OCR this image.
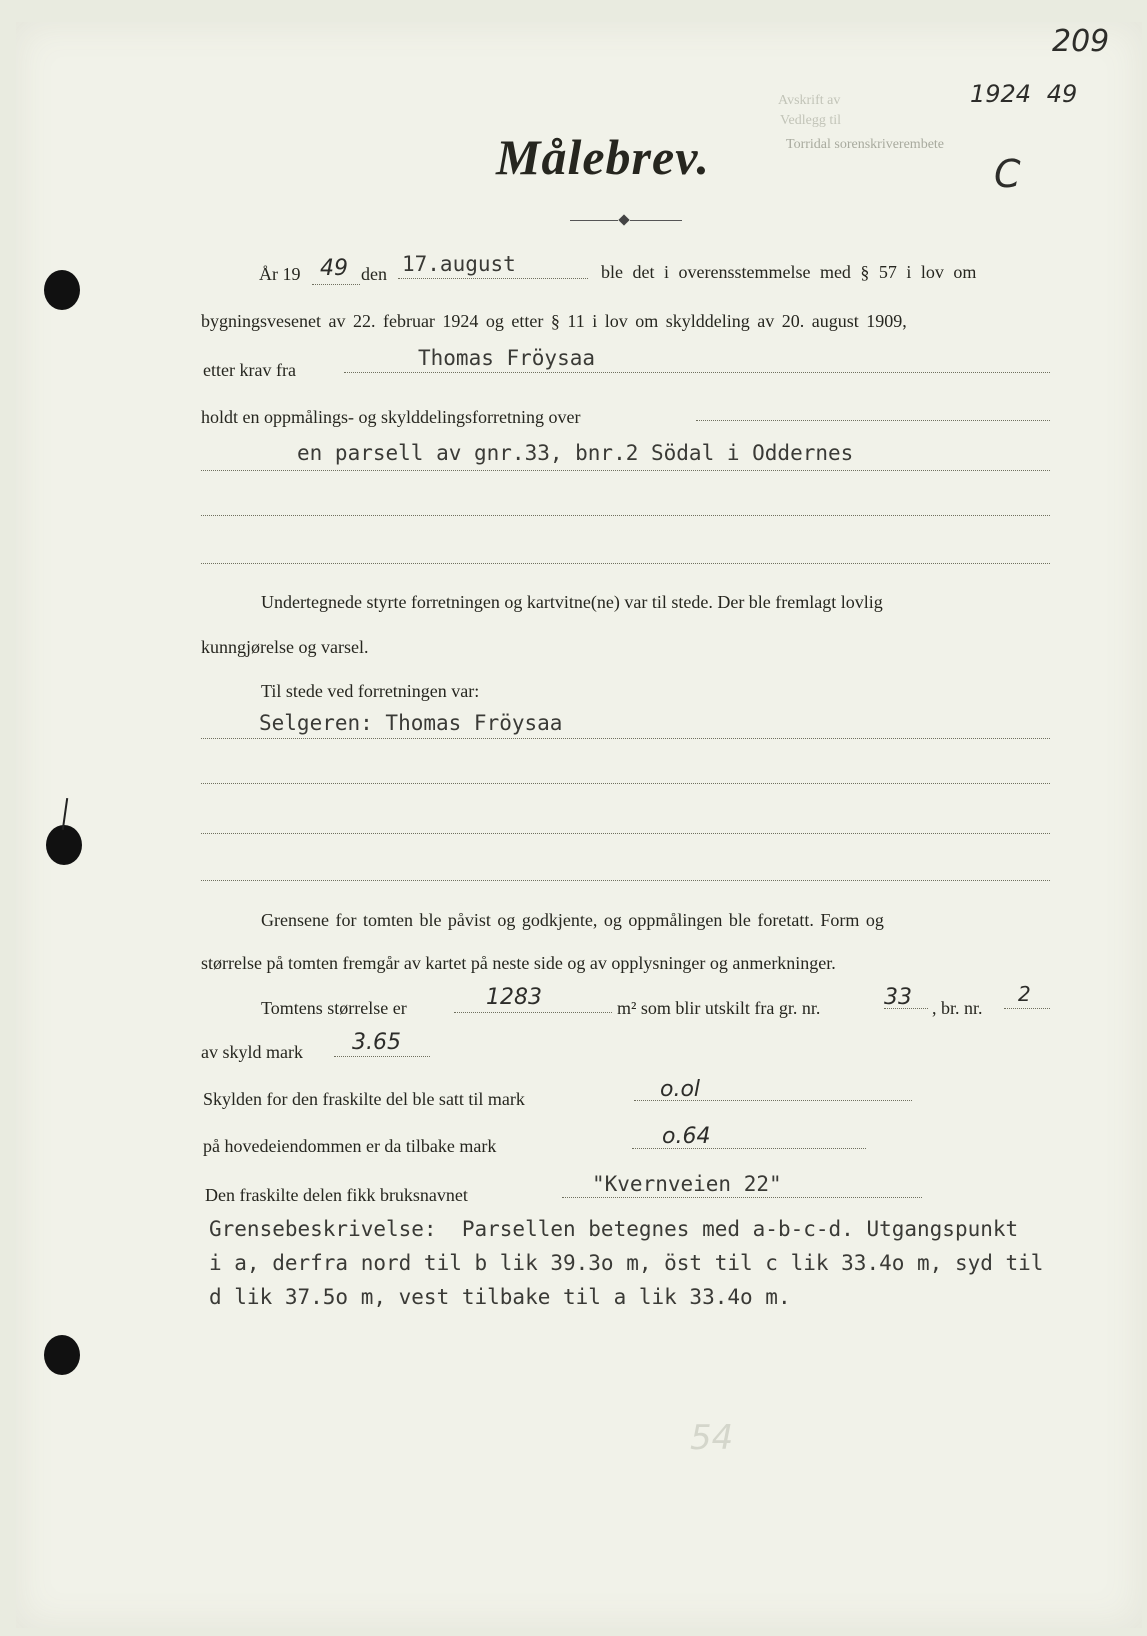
209
1924 49
Avskrift av
Vedlegg til
Torridal sorenskriverembete
C
Målebrev.
År 19 49 den 17.august	ble det i overensstemmelse med § 57 i lov om
bygningsvesenet av 22. februar 1924 og etter § 11 i lov om skylddeling av 20. august 1909,
etter krav fra	Thomas Fröysaa
holdt en oppmålings- og skylddelingsforretning over
en parsell av gnr.33, bnr.2 Södal i Oddernes
Undertegnede styrte forretningen og kartvitne(ne) var til stede. Der ble fremlagt lovlig
kunngjørelse og varsel.
Til stede ved forretningen var:
Selgeren: Thomas Fröysaa
Grensene for tomten ble påvist og godkjente, og oppmålingen ble foretatt. Form og
størrelse på tomten fremgår av kartet på neste side og av opplysninger og anmerkninger.
Tomtens størrelse er	1283	m² som blir utskilt fra gr. nr.	33 , br. nr.
2
av skyld mark 3.65
Skylden for den fraskilte del ble satt til mark	o.ol
på hovedeiendommen er da tilbake mark	o.64
Den fraskilte delen fikk bruksnavnet	"Kvernveien 22"
Grensebeskrivelse:  Parsellen betegnes med a-b-c-d. Utgangspunkt
i a, derfra nord til b lik 39.3o m, öst til c lik 33.4o m, syd til
d lik 37.5o m, vest tilbake til a lik 33.4o m.
54
